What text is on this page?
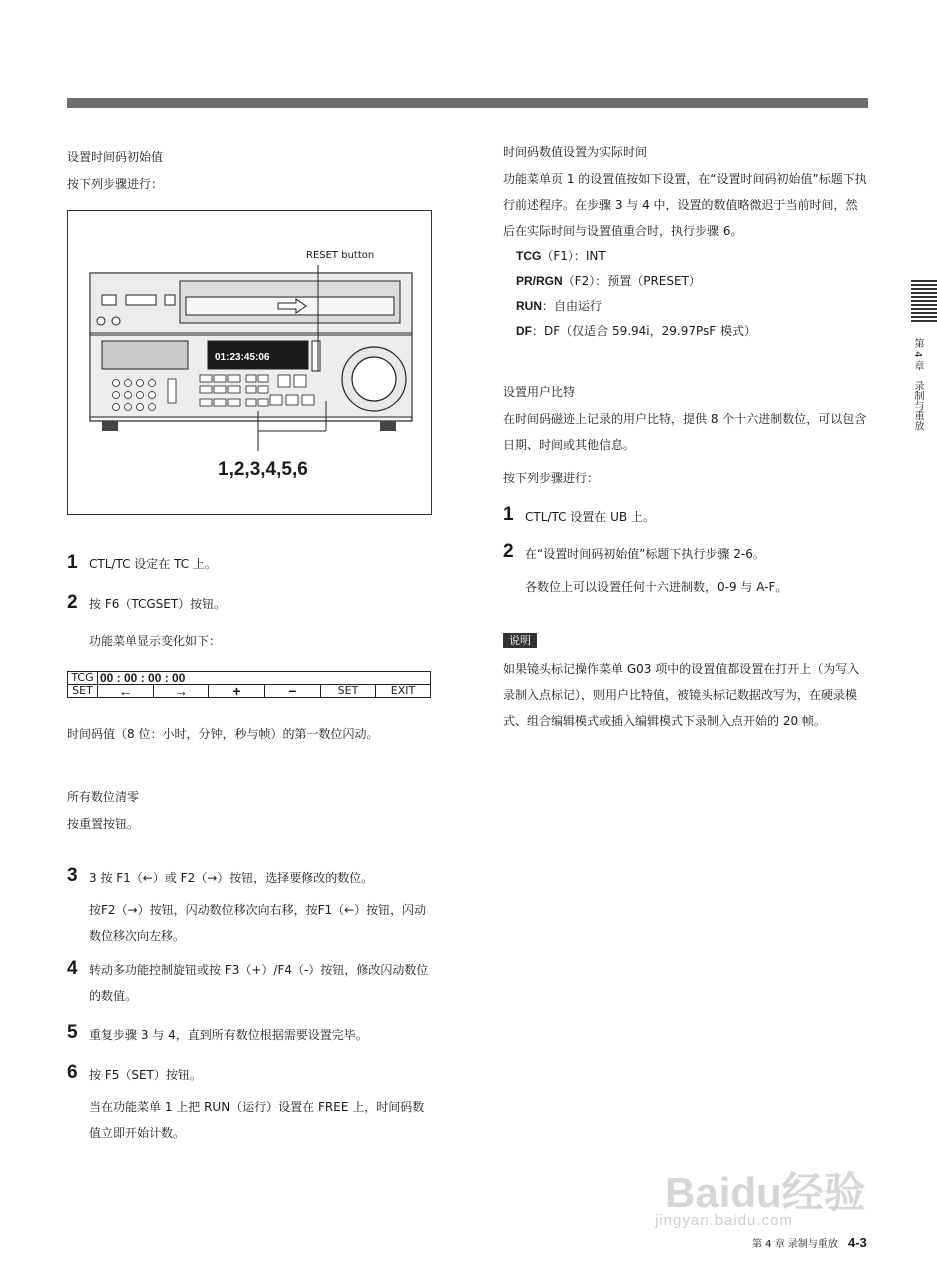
设置时间码初始值
按下列步骤进行：
01:23:45:06
RESET button
1,2,3,4,5,6
1 CTL/TC 设定在 TC 上。
2 按 F6（TCGSET）按钮。
功能菜单显示变化如下：
TCG 00 : 00 : 00 : 00
SET	←	→	+	−	SET	EXIT
时间码值（8 位：小时，分钟，秒与帧）的第一数位闪动。
所有数位清零
按重置按钮。
3 3 按 F1（←）或 F2（→）按钮，选择要修改的数位。
按F2（→）按钮，闪动数位移次向右移，按F1（←）按钮，闪动数位移次向左移。
4 转动多功能控制旋钮或按 F3（+）/F4（-）按钮，修改闪动数位的数值。
5 重复步骤 3 与 4，直到所有数位根据需要设置完毕。
6 按 F5（SET）按钮。
当在功能菜单 1 上把 RUN（运行）设置在 FREE 上，时间码数值立即开始计数。
时间码数值设置为实际时间
功能菜单页 1 的设置值按如下设置，在“设置时间码初始值”标题下执行前述程序。在步骤 3 与 4 中，设置的数值略微迟于当前时间，然后在实际时间与设置值重合时，执行步骤 6。
TCG（F1）：INT
PR/RGN（F2）：预置（PRESET）
RUN：自由运行
DF：DF（仅适合 59.94i，29.97PsF 模式）
设置用户比特
在时间码磁迹上记录的用户比特，提供 8 个十六进制数位，可以包含日期、时间或其他信息。
按下列步骤进行：
1 CTL/TC 设置在 UB 上。
2 在“设置时间码初始值”标题下执行步骤 2-6。
各数位上可以设置任何十六进制数，0-9 与 A-F。
说明
如果镜头标记操作菜单 G03 项中的设置值都设置在打开上（为写入录制入点标记），则用户比特值，被镜头标记数据改写为，在硬录模式、组合编辑模式或插入编辑模式下录制入点开始的 20 帧。
第 4 章　录制与重放
Baidu经验
jingyan.baidu.com
第 4 章 录制与重放 4-3
